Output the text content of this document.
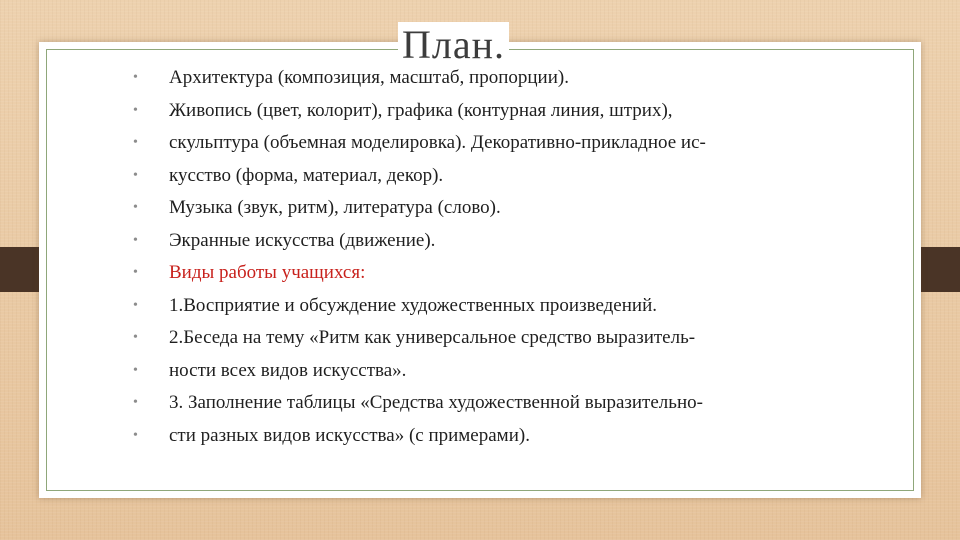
План.
•	Архитектура (композиция, масштаб, пропорции).
•	Живопись (цвет, колорит), графика (контурная линия, штрих),
•	скульптура (объемная моделировка). Декоративно-прикладное ис-
•	кусство (форма, материал, декор).
•	Музыка (звук, ритм), литература (слово).
•	Экранные искусства (движение).
•	Виды работы учащихся:
•	1.Восприятие и обсуждение художественных произведений.
•	2.Беседа на тему «Ритм как универсальное средство выразитель-
•	ности всех видов искусства».
•	3. Заполнение таблицы «Средства художественной выразительно-
•	сти разных видов искусства» (с примерами).
